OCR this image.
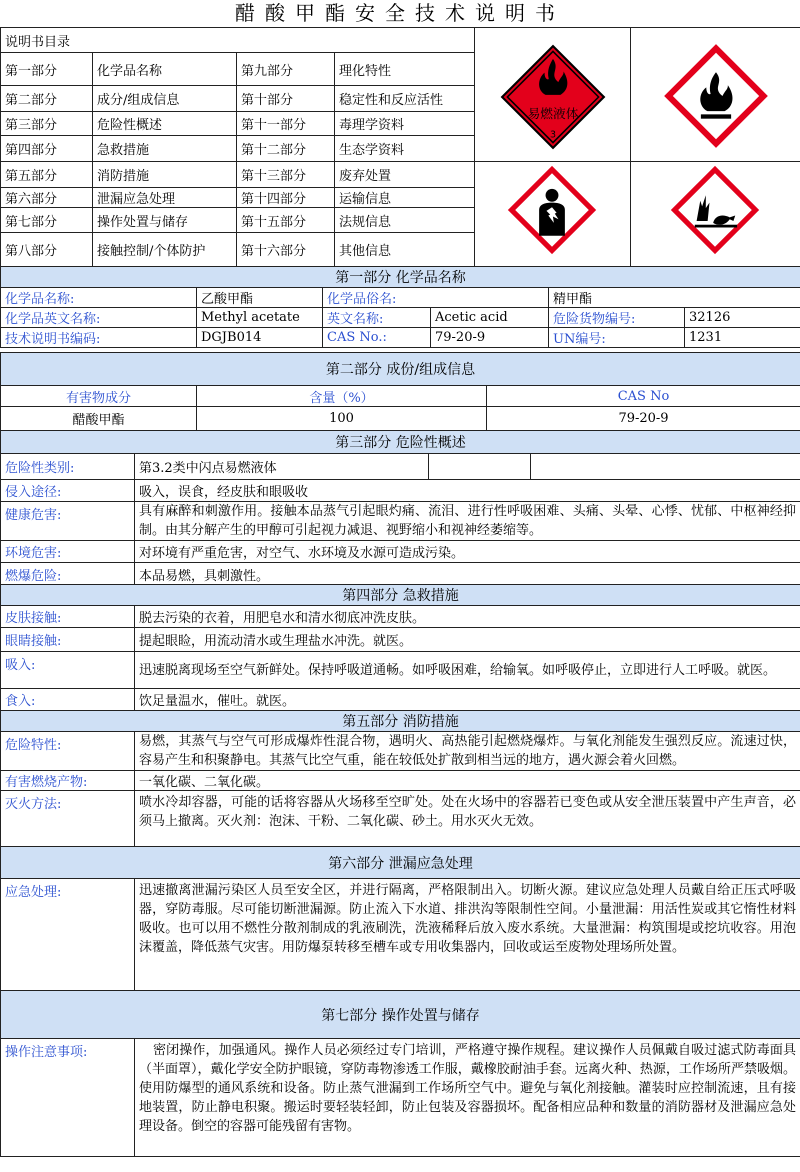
醋酸甲酯安全技术说明书
说明书目录				易燃液体
3

第一部分	化学品名称	第九部分	理化特性		
第二部分	成分/组成信息	第十部分	稳定性和反应活性		
第三部分	危险性概述	第十一部分	毒理学资料		
第四部分	急救措施	第十二部分	生态学资料		
第五部分	消防措施	第十三部分	废弃处置	

第六部分	泄漏应急处理	第十四部分	运输信息		
第七部分	操作处置与储存	第十五部分	法规信息		
第八部分	接触控制/个体防护	第十六部分	其他信息		
第一部分 化学品名称					
化学品名称:	乙酸甲酯	化学品俗名:		精甲酯	
化学品英文名称:	Methyl acetate	英文名称:	Acetic acid	危险货物编号:	32126
技术说明书编码:	DGJB014	CAS No.:	79-20-9	UN编号:	1231
第二部分 成份/组成信息		
有害物成分	含量（%）	CAS No
醋酸甲酯	100	79-20-9
第三部分 危险性概述			
危险性类别:	第3.2类中闪点易燃液体		
侵入途径:	吸入，误食，经皮肤和眼吸收		
健康危害:	具有麻醉和刺激作用。接触本品蒸气引起眼灼痛、流泪、进行性呼吸困难、头痛、头晕、心悸、忧郁、中枢神经抑制。由其分解产生的甲醇可引起视力减退、视野缩小和视神经萎缩等。		
环境危害:	对环境有严重危害，对空气、水环境及水源可造成污染。		
燃爆危险:	本品易燃，具刺激性。		
第四部分 急救措施	
皮肤接触:	脱去污染的衣着，用肥皂水和清水彻底冲洗皮肤。
眼睛接触:	提起眼睑，用流动清水或生理盐水冲洗。就医。
吸入:	迅速脱离现场至空气新鲜处。保持呼吸道通畅。如呼吸困难，给输氧。如呼吸停止，立即进行人工呼吸。就医。
食入:	饮足量温水，催吐。就医。
第五部分 消防措施	
危险特性:	易燃，其蒸气与空气可形成爆炸性混合物，遇明火、高热能引起燃烧爆炸。与氧化剂能发生强烈反应。流速过快，容易产生和积聚静电。其蒸气比空气重，能在较低处扩散到相当远的地方，遇火源会着火回燃。
有害燃烧产物:	一氧化碳、二氧化碳。
灭火方法:	喷水冷却容器，可能的话将容器从火场移至空旷处。处在火场中的容器若已变色或从安全泄压装置中产生声音，必须马上撤离。灭火剂：泡沫、干粉、二氧化碳、砂土。用水灭火无效。
第六部分 泄漏应急处理
应急处理:	迅速撤离泄漏污染区人员至安全区，并进行隔离，严格限制出入。切断火源。建议应急处理人员戴自给正压式呼吸器，穿防毒服。尽可能切断泄漏源。防止流入下水道、排洪沟等限制性空间。小量泄漏：用活性炭或其它惰性材料吸收。也可以用不燃性分散剂制成的乳液刷洗，洗液稀释后放入废水系统。大量泄漏：构筑围堤或挖坑收容。用泡沫覆盖，降低蒸气灾害。用防爆泵转移至槽车或专用收集器内，回收或运至废物处理场所处置。
第七部分 操作处置与储存
操作注意事项:	密闭操作，加强通风。操作人员必须经过专门培训，严格遵守操作规程。建议操作人员佩戴自吸过滤式防毒面具（半面罩），戴化学安全防护眼镜，穿防毒物渗透工作服，戴橡胶耐油手套。远离火种、热源，工作场所严禁吸烟。使用防爆型的通风系统和设备。防止蒸气泄漏到工作场所空气中。避免与氧化剂接触。灌装时应控制流速，且有接地装置，防止静电积聚。搬运时要轻装轻卸，防止包装及容器损坏。配备相应品种和数量的消防器材及泄漏应急处理设备。倒空的容器可能残留有害物。
